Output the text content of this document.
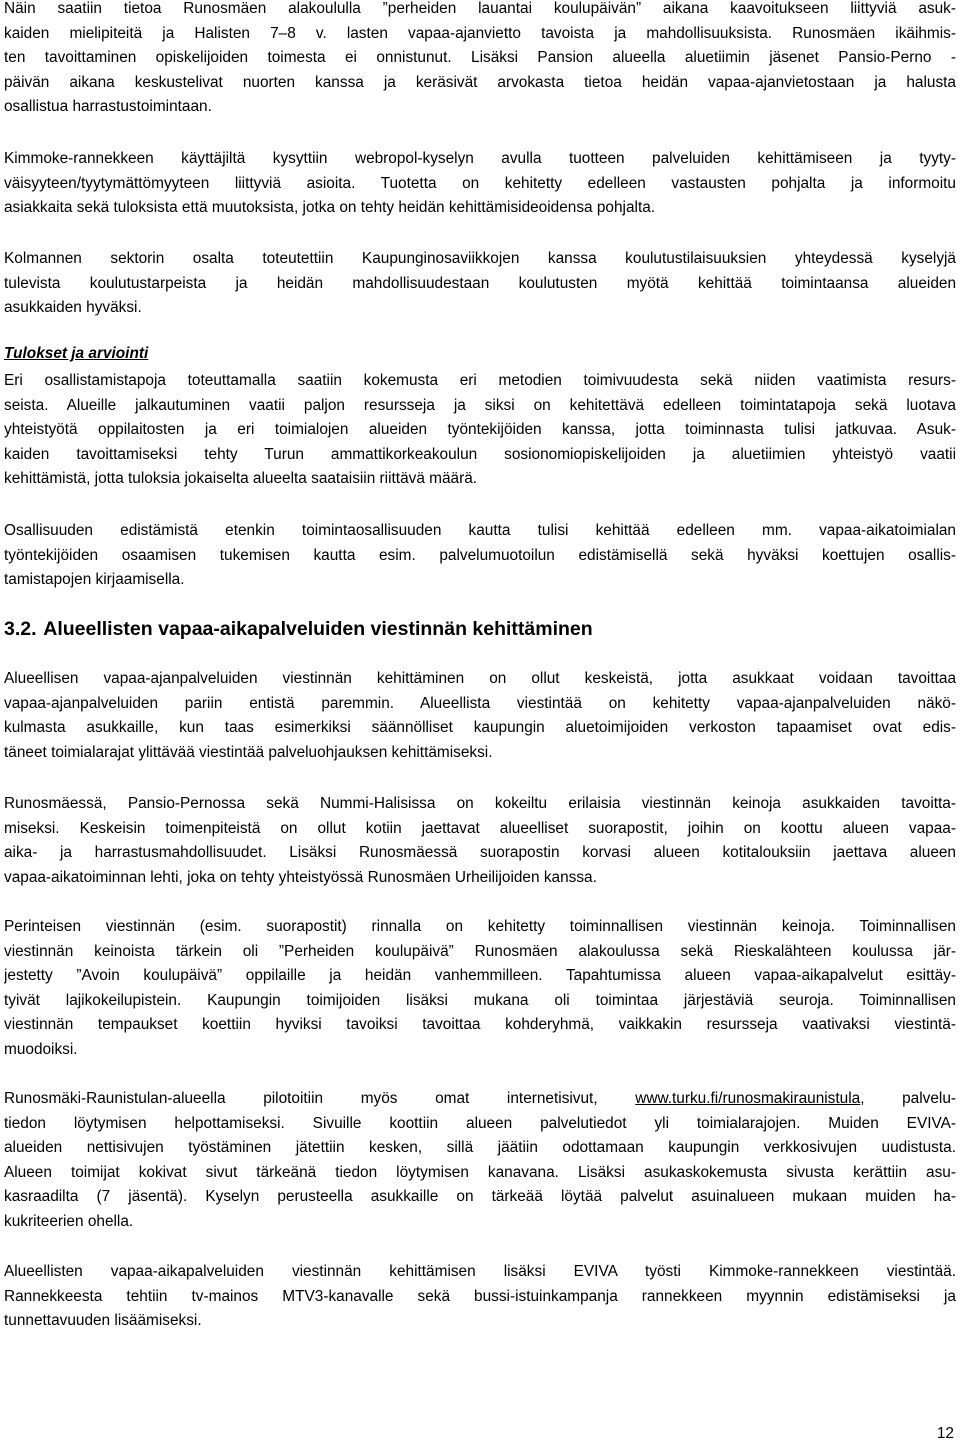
Näin saatiin tietoa Runosmäen alakoululla ”perheiden lauantai koulupäivän” aikana kaavoitukseen liittyviä asuk-
kaiden mielipiteitä ja Halisten 7–8 v. lasten vapaa-ajanvietto tavoista ja mahdollisuuksista. Runosmäen ikäihmis-
ten tavoittaminen opiskelijoiden toimesta ei onnistunut. Lisäksi Pansion alueella aluetiimin jäsenet Pansio-Perno -
päivän aikana keskustelivat nuorten kanssa ja keräsivät arvokasta tietoa heidän vapaa-ajanvietostaan ja halusta
osallistua harrastustoimintaan.
Kimmoke-rannekkeen käyttäjiltä kysyttiin webropol-kyselyn avulla tuotteen palveluiden kehittämiseen ja tyyty-
väisyyteen/tyytymättömyyteen liittyviä asioita. Tuotetta on kehitetty edelleen vastausten pohjalta ja informoitu
asiakkaita sekä tuloksista että muutoksista, jotka on tehty heidän kehittämisideoidensa pohjalta.
Kolmannen sektorin osalta toteutettiin Kaupunginosaviikkojen kanssa koulutustilaisuuksien yhteydessä kyselyjä
tulevista koulutustarpeista ja heidän mahdollisuudestaan koulutusten myötä kehittää toimintaansa alueiden
asukkaiden hyväksi.
Tulokset ja arviointi
Eri osallistamistapoja toteuttamalla saatiin kokemusta eri metodien toimivuudesta sekä niiden vaatimista resurs-
seista. Alueille jalkautuminen vaatii paljon resursseja ja siksi on kehitettävä edelleen toimintatapoja sekä luotava
yhteistyötä oppilaitosten ja eri toimialojen alueiden työntekijöiden kanssa, jotta toiminnasta tulisi jatkuvaa. Asuk-
kaiden tavoittamiseksi tehty Turun ammattikorkeakoulun sosionomiopiskelijoiden ja aluetiimien yhteistyö vaatii
kehittämistä, jotta tuloksia jokaiselta alueelta saataisiin riittävä määrä.
Osallisuuden edistämistä etenkin toimintaosallisuuden kautta tulisi kehittää edelleen mm. vapaa-aikatoimialan
työntekijöiden osaamisen tukemisen kautta esim. palvelumuotoilun edistämisellä sekä hyväksi koettujen osallis-
tamistapojen kirjaamisella.
3.2. Alueellisten vapaa-aikapalveluiden viestinnän kehittäminen
Alueellisen vapaa-ajanpalveluiden viestinnän kehittäminen on ollut keskeistä, jotta asukkaat voidaan tavoittaa
vapaa-ajanpalveluiden pariin entistä paremmin. Alueellista viestintää on kehitetty vapaa-ajanpalveluiden näkö-
kulmasta asukkaille, kun taas esimerkiksi säännölliset kaupungin aluetoimijoiden verkoston tapaamiset ovat edis-
täneet toimialarajat ylittävää viestintää palveluohjauksen kehittämiseksi.
Runosmäessä, Pansio-Pernossa sekä Nummi-Halisissa on kokeiltu erilaisia viestinnän keinoja asukkaiden tavoitta-
miseksi. Keskeisin toimenpiteistä on ollut kotiin jaettavat alueelliset suorapostit, joihin on koottu alueen vapaa-
aika- ja harrastusmahdollisuudet. Lisäksi Runosmäessä suorapostin korvasi alueen kotitalouksiin jaettava alueen
vapaa-aikatoiminnan lehti, joka on tehty yhteistyössä Runosmäen Urheilijoiden kanssa.
Perinteisen viestinnän (esim. suorapostit) rinnalla on kehitetty toiminnallisen viestinnän keinoja. Toiminnallisen
viestinnän keinoista tärkein oli ”Perheiden koulupäivä” Runosmäen alakoulussa sekä Rieskalähteen koulussa jär-
jestetty ”Avoin koulupäivä” oppilaille ja heidän vanhemmilleen. Tapahtumissa alueen vapaa-aikapalvelut esittäy-
tyivät lajikokeilupistein. Kaupungin toimijoiden lisäksi mukana oli toimintaa järjestäviä seuroja. Toiminnallisen
viestinnän tempaukset koettiin hyviksi tavoiksi tavoittaa kohderyhmä, vaikkakin resursseja vaativaksi viestintä-
muodoiksi.
Runosmäki-Raunistulan-alueella pilotoitiin myös omat internetisivut, www.turku.fi/runosmakiraunistula, palvelu-
tiedon löytymisen helpottamiseksi. Sivuille koottiin alueen palvelutiedot yli toimialarajojen. Muiden EVIVA-
alueiden nettisivujen työstäminen jätettiin kesken, sillä jäätiin odottamaan kaupungin verkkosivujen uudistusta.
Alueen toimijat kokivat sivut tärkeänä tiedon löytymisen kanavana. Lisäksi asukaskokemusta sivusta kerättiin asu-
kasraadilta (7 jäsentä). Kyselyn perusteella asukkaille on tärkeää löytää palvelut asuinalueen mukaan muiden ha-
kukriteerien ohella.
Alueellisten vapaa-aikapalveluiden viestinnän kehittämisen lisäksi EVIVA työsti Kimmoke-rannekkeen viestintää.
Rannekkeesta tehtiin tv-mainos MTV3-kanavalle sekä bussi-istuinkampanja rannekkeen myynnin edistämiseksi ja
tunnettavuuden lisäämiseksi.
12
